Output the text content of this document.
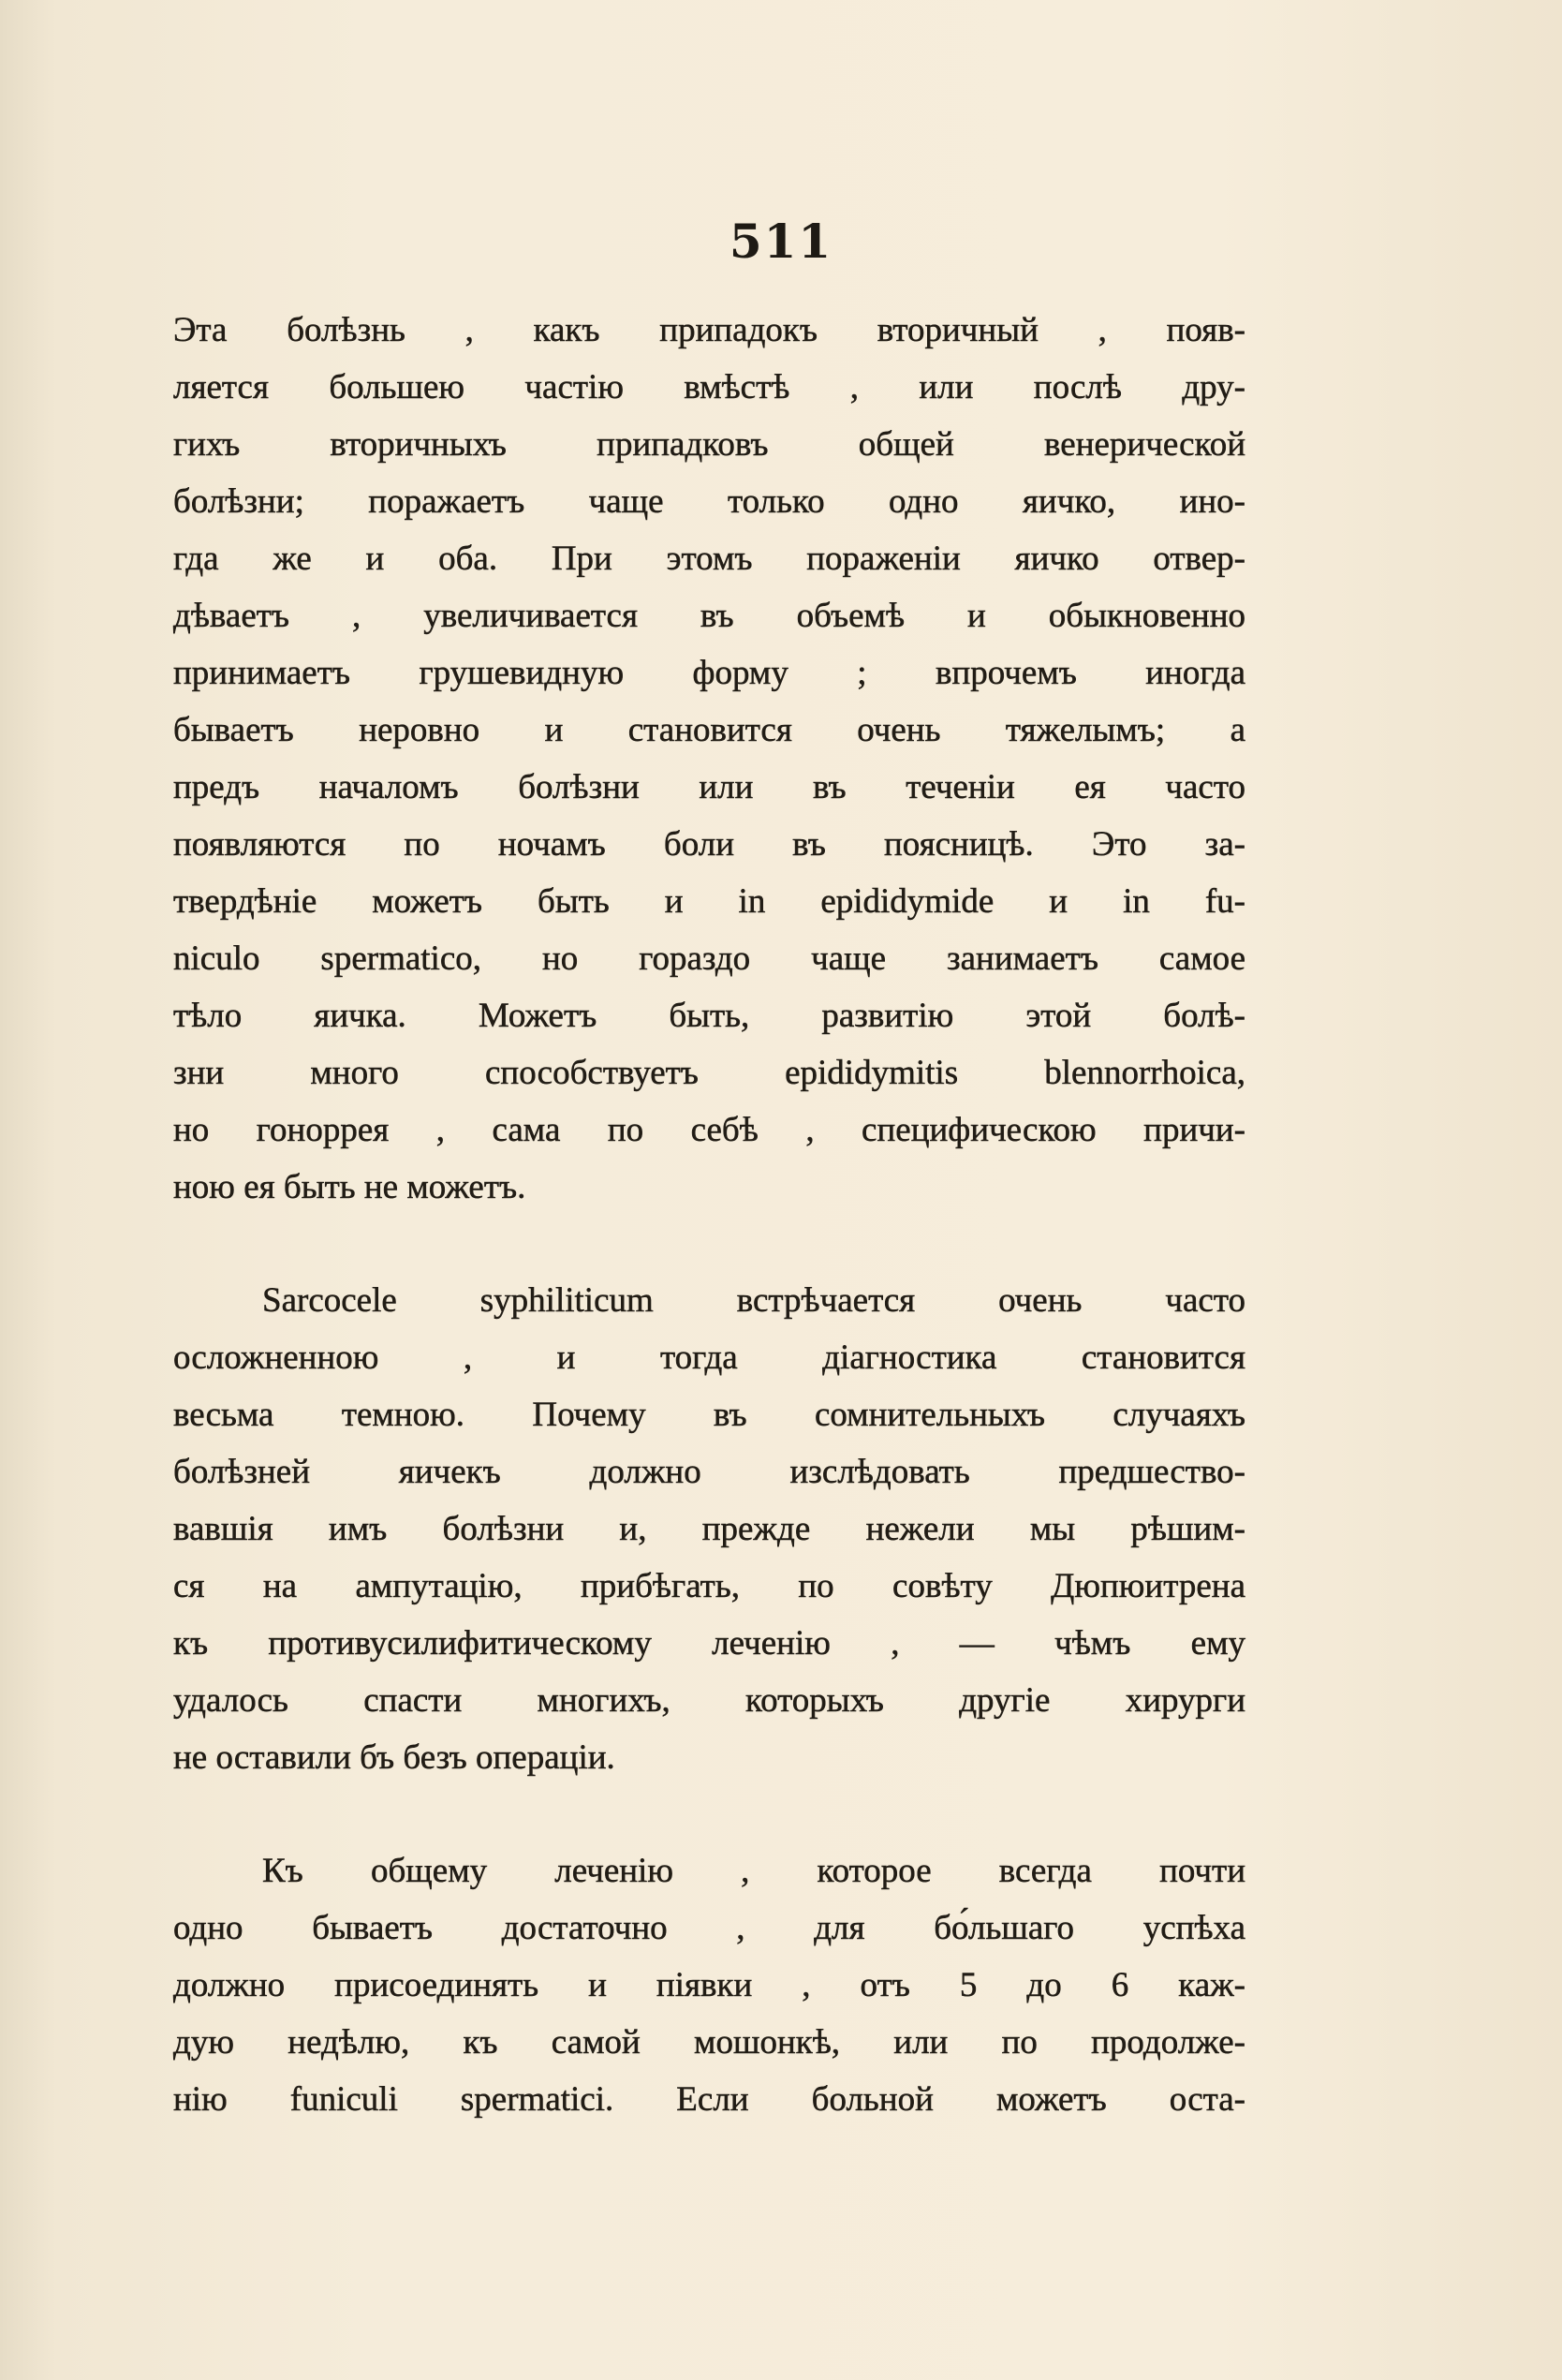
511
Эта болѣзнь , какъ припадокъ вторичный , появ-
ляется большею частію вмѣстѣ , или послѣ дру-
гихъ вторичныхъ припадковъ общей венерической
болѣзни; поражаетъ чаще только одно яичко, ино-
гда же и оба. При этомъ пораженіи яичко отвер-
дѣваетъ , увеличивается въ объемѣ и обыкновенно
принимаетъ грушевидную форму ; впрочемъ иногда
бываетъ неровно и становится очень тяжелымъ; а
предъ началомъ болѣзни или въ теченіи ея часто
появляются по ночамъ боли въ поясницѣ. Это за-
твердѣніе можетъ быть и in epididymide и in fu-
niculo spermatico, но гораздо чаще занимаетъ самое
тѣло яичка. Можетъ быть, развитію этой болѣ-
зни много способствуетъ epididymitis blennorrhoica,
но гоноррея , сама по себѣ , специфическою причи-
ною ея быть не можетъ.
Sarcocele syphiliticum встрѣчается очень часто
осложненною , и тогда діагностика становится
весьма темною. Почему въ сомнительныхъ случаяхъ
болѣзней яичекъ должно изслѣдовать предшество-
вавшія имъ болѣзни и, прежде нежели мы рѣшим-
ся на ампутацію, прибѣгать, по совѣту Дюпюитрена
къ противусилифитическому леченію , — чѣмъ ему
удалось спасти многихъ, которыхъ другіе хирурги
не оставили бъ безъ операціи.
Къ общему леченію , которое всегда почти
одно бываетъ достаточно , для бо́льшаго успѣха
должно присоединять и піявки , отъ 5 до 6 каж-
дую недѣлю, къ самой мошонкѣ, или по продолже-
нію funiculi spermatici. Если больной можетъ оста-
